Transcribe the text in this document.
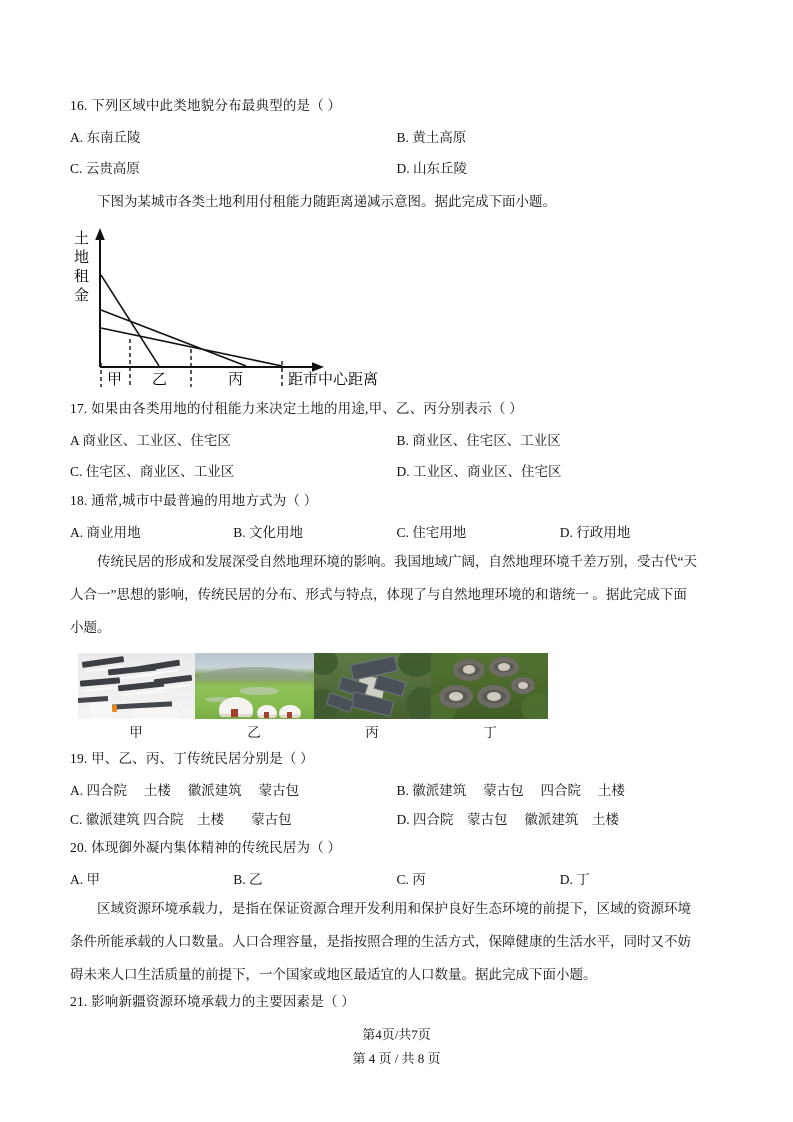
16. 下列区域中此类地貌分布最典型的是（ ）
A. 东南丘陵	B. 黄土高原
C. 云贵高原	D. 山东丘陵
下图为某城市各类土地利用付租能力随距离递减示意图。据此完成下面小题。
土
地
租
金
甲 乙	丙	距市中心距离
17. 如果由各类用地的付租能力来决定土地的用途,甲、乙、丙分别表示（ ）
A 商业区、工业区、住宅区	B. 商业区、住宅区、工业区
C. 住宅区、商业区、工业区	D. 工业区、商业区、住宅区
18. 通常,城市中最普遍的用地方式为（ ）
A. 商业用地	B. 文化用地	C. 住宅用地	D. 行政用地
传统民居的形成和发展深受自然地理环境的影响。我国地域广阔，自然地理环境千差万别，受古代“天
人合一”思想的影响，传统民居的分布、形式与特点，体现了与自然地理环境的和谐统一 。据此完成下面
小题。
甲	乙	丙	丁
19. 甲、乙、丙、丁传统民居分别是（ ）
A. 四合院　 土楼　 徽派建筑　 蒙古包	B. 徽派建筑　 蒙古包　 四合院　 土楼
C. 徽派建筑 四合院　土楼　　蒙古包	D. 四合院　蒙古包　 徽派建筑　土楼
20. 体现御外凝内集体精神的传统民居为（ ）
A. 甲	B. 乙	C. 丙	D. 丁
区域资源环境承载力，是指在保证资源合理开发利用和保护良好生态环境的前提下，区域的资源环境
条件所能承载的人口数量。人口合理容量，是指按照合理的生活方式，保障健康的生活水平，同时又不妨
碍未来人口生活质量的前提下，一个国家或地区最适宜的人口数量。据此完成下面小题。
21. 影响新疆资源环境承载力的主要因素是（ ）
第4页/共7页
第 4 页 / 共 8 页
